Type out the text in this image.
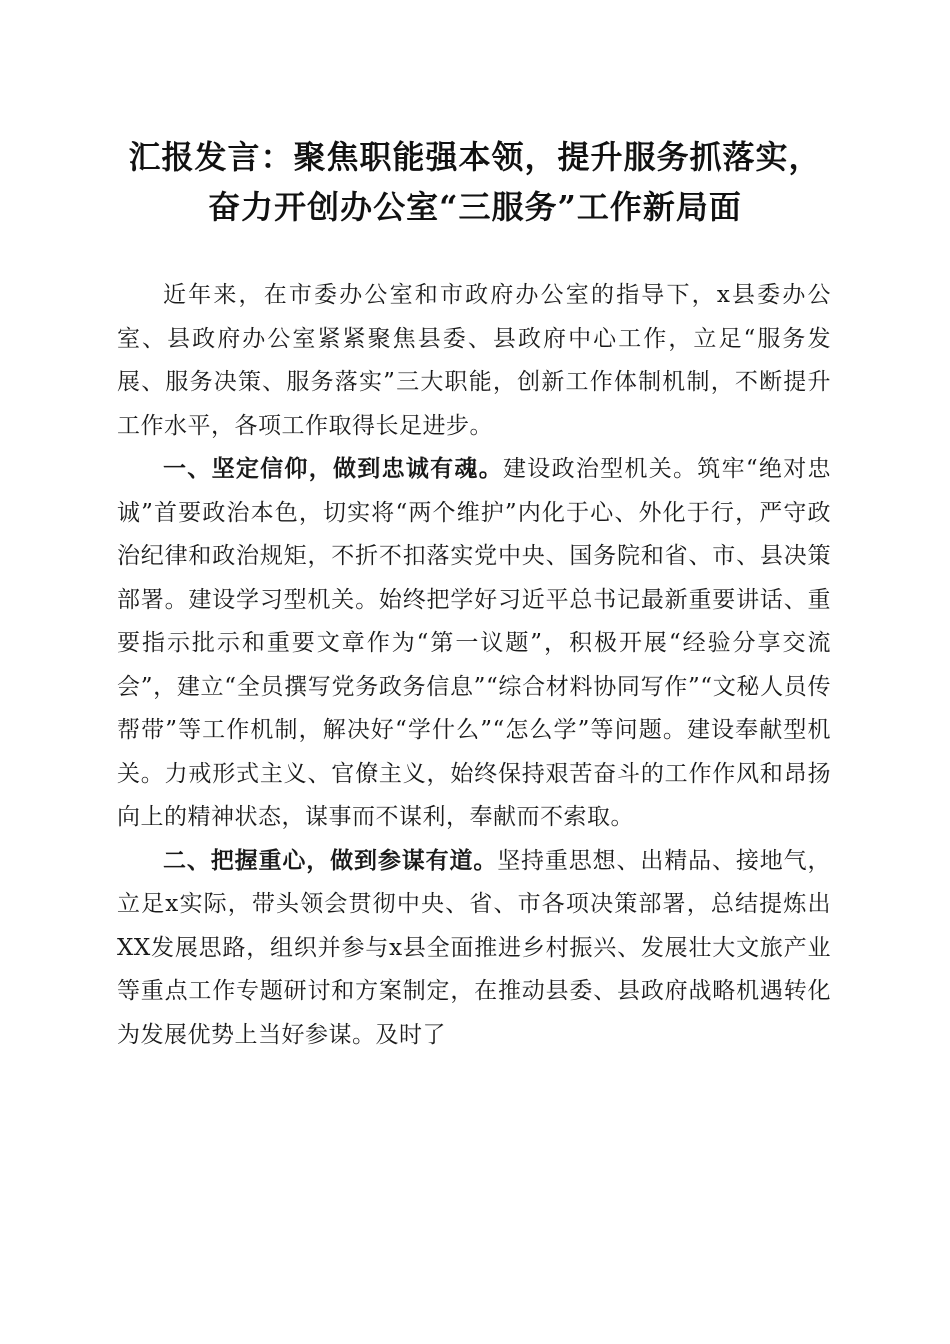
汇报发言：聚焦职能强本领，提升服务抓落实，
奋力开创办公室“三服务”工作新局面

近年来，在市委办公室和市政府办公室的指导下，x县委办公室、县政府办公室紧紧聚焦县委、县政府中心工作，立足“服务发展、服务决策、服务落实”三大职能，创新工作体制机制，不断提升工作水平，各项工作取得长足进步。

一、坚定信仰，做到忠诚有魂。建设政治型机关。筑牢“绝对忠诚”首要政治本色，切实将“两个维护”内化于心、外化于行，严守政治纪律和政治规矩，不折不扣落实党中央、国务院和省、市、县决策部署。建设学习型机关。始终把学好习近平总书记最新重要讲话、重要指示批示和重要文章作为“第一议题”，积极开展“经验分享交流会”，建立“全员撰写党务政务信息”“综合材料协同写作”“文秘人员传帮带”等工作机制，解决好“学什么”“怎么学”等问题。建设奉献型机关。力戒形式主义、官僚主义，始终保持艰苦奋斗的工作作风和昂扬向上的精神状态，谋事而不谋利，奉献而不索取。

二、把握重心，做到参谋有道。坚持重思想、出精品、接地气，立足x实际，带头领会贯彻中央、省、市各项决策部署，总结提炼出XX发展思路，组织并参与x县全面推进乡村振兴、发展壮大文旅产业等重点工作专题研讨和方案制定，在推动县委、县政府战略机遇转化为发展优势上当好参谋。及时了
